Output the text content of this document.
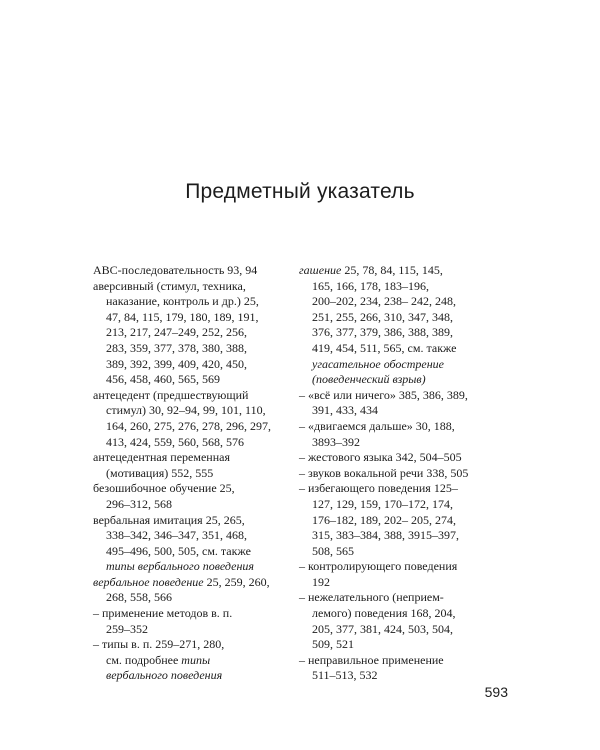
Предметный указатель
ABC-последовательность 93, 94
аверсивный (стимул, техника,
наказание, контроль и др.) 25,
47, 84, 115, 179, 180, 189, 191,
213, 217, 247–249, 252, 256,
283, 359, 377, 378, 380, 388,
389, 392, 399, 409, 420, 450,
456, 458, 460, 565, 569
антецедент (предшествующий
стимул) 30, 92–94, 99, 101, 110,
164, 260, 275, 276, 278, 296, 297,
413, 424, 559, 560, 568, 576
антецедентная переменная
(мотивация) 552, 555
безошибочное обучение 25,
296–312, 568
вербальная имитация 25, 265,
338–342, 346–347, 351, 468,
495–496, 500, 505, см. также
типы вербального поведения
вербальное поведение 25, 259, 260,
268, 558, 566
– применение методов в. п.
259–352
– типы в. п. 259–271, 280,
см. подробнее типы
вербального поведения
гашение 25, 78, 84, 115, 145,
165, 166, 178, 183–196,
200–202, 234, 238– 242, 248,
251, 255, 266, 310, 347, 348,
376, 377, 379, 386, 388, 389,
419, 454, 511, 565, см. также
угасательное обострение
(поведенческий взрыв)
– «всё или ничего» 385, 386, 389,
391, 433, 434
– «двигаемся дальше» 30, 188,
3893–392
– жестового языка 342, 504–505
– звуков вокальной речи 338, 505
– избегающего поведения 125–
127, 129, 159, 170–172, 174,
176–182, 189, 202– 205, 274,
315, 383–384, 388, 3915–397,
508, 565
– контролирующего поведения
192
– нежелательного (неприем-
лемого) поведения 168, 204,
205, 377, 381, 424, 503, 504,
509, 521
– неправильное применение
511–513, 532
593
